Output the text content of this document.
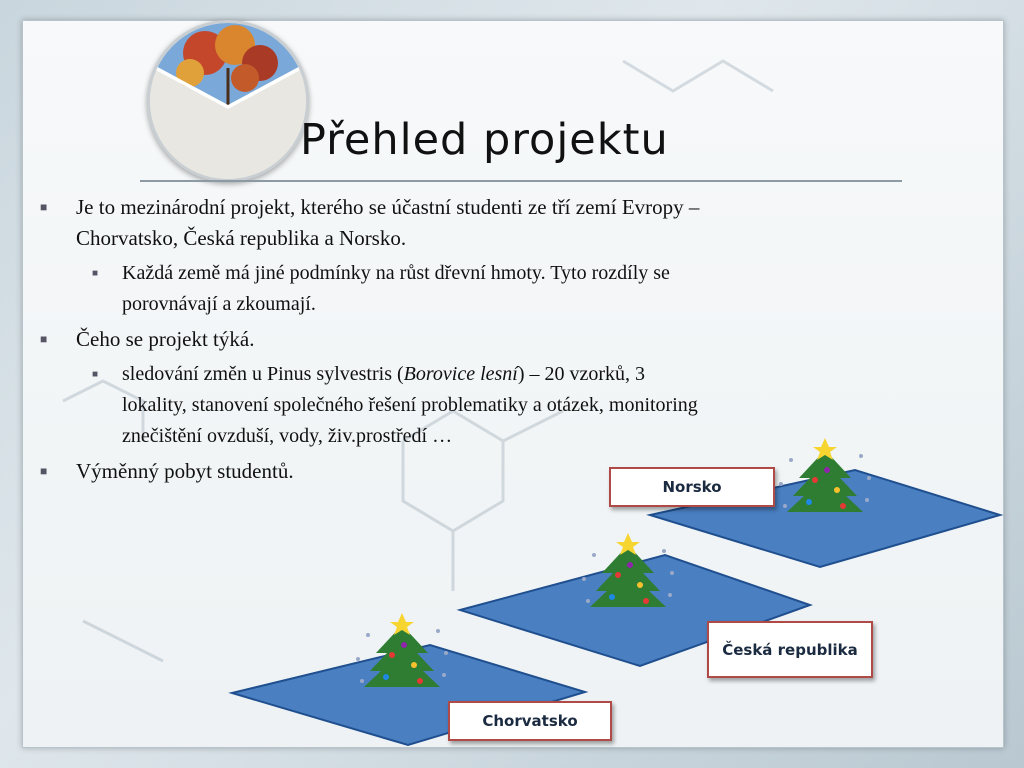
Přehled projektu
■ Je to mezinárodní projekt, kterého se účastní studenti ze tří zemí Evropy – Chorvatsko, Česká republika a Norsko.
■ Každá země má jiné podmínky na růst dřevní hmoty. Tyto rozdíly se porovnávají a zkoumají.
■ Čeho se projekt týká.
■ sledování změn u Pinus sylvestris (Borovice lesní) – 20 vzorků, 3 lokality, stanovení společného řešení problematiky a otázek, monitoring znečištění ovzduší, vody, živ.prostředí …
■ Výměnný pobyt studentů.
Norsko
Česká republika
Chorvatsko
